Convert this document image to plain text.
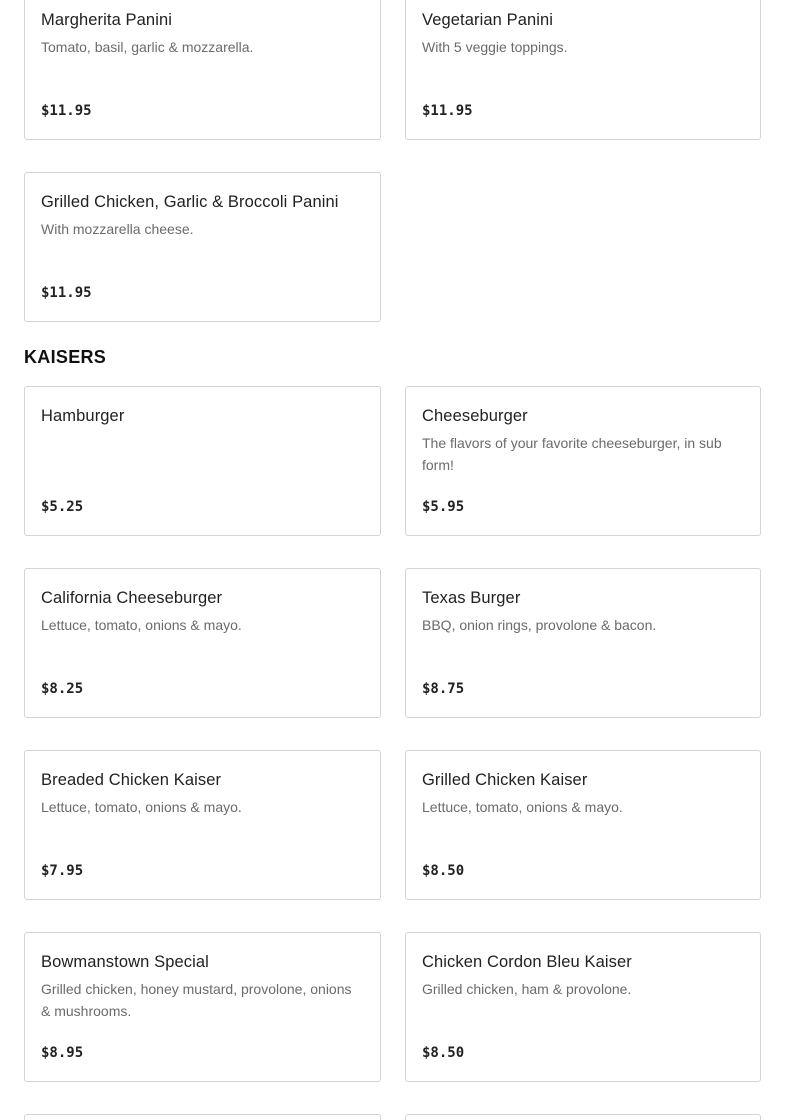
Margherita Panini
Tomato, basil, garlic & mozzarella.
$11.95
Vegetarian Panini
With 5 veggie toppings.
$11.95
Grilled Chicken, Garlic & Broccoli Panini
With mozzarella cheese.
$11.95
KAISERS
Hamburger
$5.25
Cheeseburger
The flavors of your favorite cheeseburger, in sub form!
$5.95
California Cheeseburger
Lettuce, tomato, onions & mayo.
$8.25
Texas Burger
BBQ, onion rings, provolone & bacon.
$8.75
Breaded Chicken Kaiser
Lettuce, tomato, onions & mayo.
$7.95
Grilled Chicken Kaiser
Lettuce, tomato, onions & mayo.
$8.50
Bowmanstown Special
Grilled chicken, honey mustard, provolone, onions & mushrooms.
$8.95
Chicken Cordon Bleu Kaiser
Grilled chicken, ham & provolone.
$8.50
